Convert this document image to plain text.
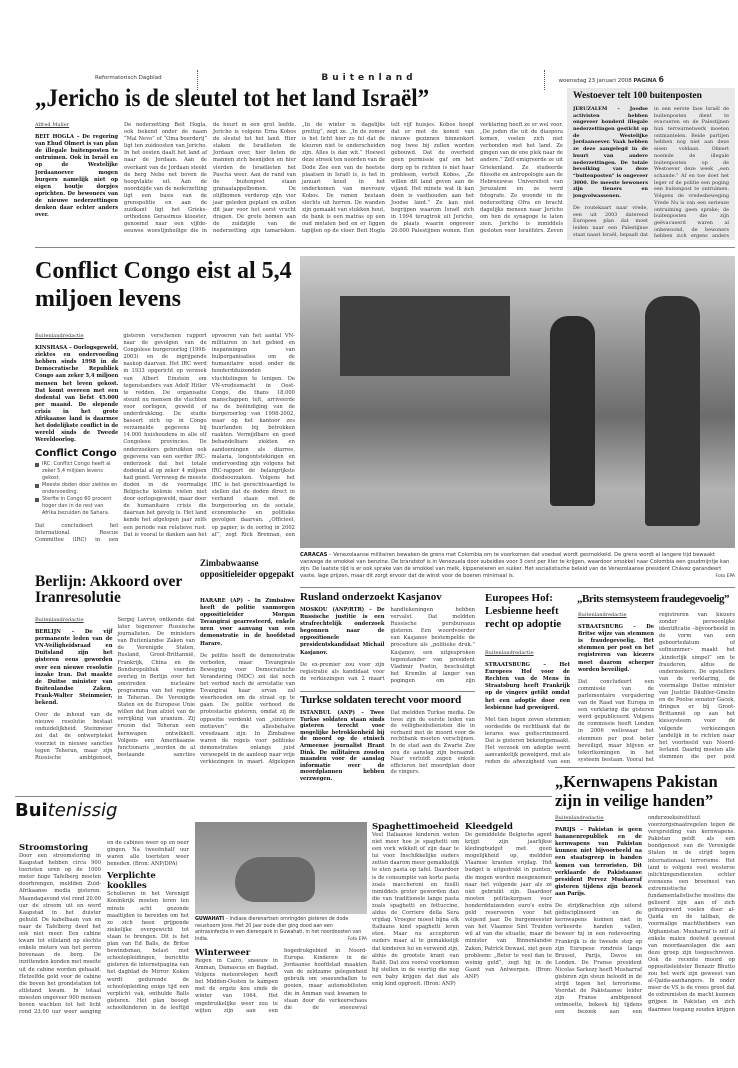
Reformatorisch Dagblad	Buitenland	woensdag 23 januari 2008 PAGINA 6
„Jericho is de sleutel tot het land Israël”
Alfred Muller

BEIT HOGLA – De regering van Ehud Olmert is van plan de illegale buitenposten te ontruimen. Ook in Israël en op de Westelijke Jordaanoever mogen burgers namelijk niet op eigen houtje dorpjes oprichten. De bewoners van de nieuwe nederzettingen denken daar echter anders over.

De nederzetting Beit Hogla, ook bekend onder de naam “Mal Nevo” of “Oma boerderij” ligt ten zuidoosten van Jericho. In het oosten daalt het land af naar de Jordaan. Aan de overkant van de Jordaan steekt de berg Nebo net boven de hoogvlakte uit. Aan de noordzijde van de nederzetting ligt een basis van de grenspolitie en aan de zuidkant ligt het Grieks-orthodoxe Gerasimus klooster, genoemd naar een vijfde-eeuwse woestijnheilige die in de buurt in een grot leefde. Jericho is volgens Erna Kobos de sleutel tot het land. Hier staken de Israëlieten de Jordaan over, hier lieten de mannen zich besnijden en hier vierden de Israëlieten het Pascha weer. Aan de rand van de buitenpost staan granaatappelbomen. De olijfbomen verderop zijn vier jaar geleden geplant en zullen dit jaar voor het eerst vrucht dragen. De grote bomen aan de zuidzijde van de nederzetting zijn tamarisken. „In de winter is dagelijks prettig”, zegt ze. „In de zomer is het licht hier zo fel dat de kleuren niet te onderscheiden zijn. Alles is dan wit.” Hoewel deze streek ten noorden van de Dode Zee een van de heetste plaatsen in Israël is, is het in januari koud in het onderkomen van mevrouw Kobos. De ramen bestaan slechts uit horren. De wanden zijn gemaakt van stukken hout, de bank is een matras op een oud metalen bed en er liggen tapijten op de vloer. Beit Hogla telt vijf huisjes. Kobos hoopt dat er met de komst van nieuwe gezinnen binnenkort nog twee bij zullen worden gebouwd. Dat de overheid geen permissie gaf om het dorp op te richten is niet haar probleem, vertelt Kobos. „Ze willen dit land geven aan de vijand. Het minste wat ik kan doen is vasthouden aan het Joodse land.” Ze kan niet begrijpen waarom Israël zich in 1994 terugtrok uit Jericho, de plaats waarin ongeveer 20.000 Palestijnen wonen. Een verklaring heeft ze er wel voor. „De joden die uit de diaspora komen, voelen zich niet verbonden met het land. Ze gingen van de ene plek naar de andere.” Zelf emigreerde ze uit Griekenland. Ze studeerde filosofie en antropologie aan de Hebreeuwse Universiteit van Jeruzalem en ze werd fotografe. Ze woonde in de nederzetting Ofra en bracht dagelijks mensen naar Jericho om hen de synagoge te laten zien. Jericho is inmiddels gesloten voor Israëliërs. Zeven

Westoever telt 100 buitenposten

JERUZALEM – Joodse activisten hebben ongeveer honderd illegale nederzettingen gesticht op de Westelijke Jordaanoever. Vaak hebben ze deze aangelegd in de buurt van andere nederzettingen. De totale bevolking van deze “buitenposten” is ongeveer 3000. De meeste bewoners zijn tieners en jongvolwassenen.

De routekaart naar vrede, een uit 2003 daterend Europees plan dat moet leiden naar een Palestijnse staat naast Israël, bepaalt dat in een eerste fase Israël de buitenposten dient te evacueren en de Palestijnen hun terreurnetwerk moeten ontmantelen. Beide partijen hebben nog niet aan deze eisen voldaan. Olmert noemde de illegale buitenposten op de Westoever deze week „een schande.” Af en toe doet het leger of de politie een poging een buitenpost te ontruimen. Volgens de vredesbeweging Vrede Nu is van een serieuze ontruiming geen sprake; de buitenposten die zijn geëvacueerd waren al onbewoond, de bewoners hebben zich ergens anders

Conflict Congo eist al 5,4 miljoen levens
Buitenlandredactie

KINSHASA – Oorlogsgeweld, ziektes en ondervoeding hebben sinds 1998 in de Democratische Republiek Congo aan zeker 5,4 miljoen mensen het leven gekost. Dat komt overeen met een dodental van liefst 45.000 per maand. De slepende crisis in het grote Afrikaanse land is daarmee het dodelijkste conflict in de wereld sinds de Tweede Wereldoorlog.

Conflict Congo
IRC: Conflict Congo heeft al zeker 5,4 miljoen levens gekost.
Meeste doden door ziektes en ondervoeding.
Sterfte in Congo 60 procent hoger dan in de rest van Afrika bezuiden de Sahara.

Dat concludeert het International Rescue Committee (IRC) in een gisteren verschenen rapport naar de gevolgen van de Congolese burgeroorlog (1998-2003) en de ingrijpende naskop daarvan. Het IRC werd in 1933 opgericht op verzoek van Albert Einstein om tegenstanders van Adolf Hitler te redden. De organisatie steunt nu mensen die vluchten voor oorlogen, geweld of onderdrukking. De studie baseert zich op in Congo verzamelde gegevens bij 14.000 huishoudens in alle elf Congolese provincies. De onderzoekers gebruikten ook gegevens van een eerder IRC-onderzoek dat het totale dodental al op zeker 4 miljoen had gezet. Verreweg de meeste doden in de voormalige Belgische kolonie vielen niet door oorlogsgeweld, maar door de humanitaire crisis die daarvan het gevolg is. Het land kende het afgelopen jaar zelfs een periode van relatieve rust. Dat is vooral te danken aan het opvoeren van het aantal VN-militairen in het gebied en inspanningen van hulporganisaties om de humanitaire nood onder de honderdduizenden vluchtelingen te lenigen. De VN-vredesmacht in Oost-Congo, die thans 18.000 manschappen telt, arriveerde na de beëindiging van de burgeroorlog van 1998-2002, waar op het kantoor zes buurlanden bij betrokken raakten. Vermijdbare en goed behandelbare ziekten en aandoeningen als diarree, malaria, longontstekingen en ondervoeding zijn volgens het IRC-rapport de belangrijkste doodsoorzaken. Volgens het IRC is het gerechtvaardigd te stellen dat de doden direct in verband staan met de burgeroorlog en de sociale, economische en politieke gevolgen daarvan. „Officieel, op papier, is de oorlog in 2002 af”, zegt Rick Brennan, een

CARACAS – Venezolaanse militairen bewaken de grens met Colombia om te voorkomen dat voedsel wordt gesmokkeld. De grens wordt al langere tijd bewaakt vanwege de smokkel van benzine. De brandstof is in Venezuela door subsidies voor 3 cent per liter te krijgen, waardoor smokkel naar Colombia een goudmijntje kan zijn. De laatste tijd is er ook sprake van de smokkel van melk, kippeneieren en suiker. Het socialistische beleid van de Venezolaanse president Chávez garandeert vaste, lage prijzen, maar dit zorgt ervoor dat de winst voor de boeren minimaal is.	Foto EPA
Berlijn: Akkoord over Iranresolutie
Buitenlandredactie

BERLIJN – De vijf permanente leden van de VN-Veiligheidsraad en Duitsland zijn het gisteren eens geworden over een nieuwe resolutie inzake Iran. Dat maakte de Duitse minister van Buitenlandse Zaken, Frank-Walter Steinmeier, bekend.

Over de inhoud van de nieuwe resolutie bestaat onduidelijkheid. Steinmeier zei dat de ontwerptekst voorziet in nieuwe sancties tegen Teheran, maar zijn Russische ambtgenoot, Sergej Lavrov, ontkende dat later tegenover Russische journalisten. De ministers van Buitenlandse Zaken van de Verenigde Staten, Rusland, Groot-Brittannië, Frankrijk, China en de Bondsrepubliek voerden overleg in Berlijn over het omstreden nucleaire programma van het regime in Teheran. De Verenigde Staten en de Europese Unie willen dat Iran afziet van de verrijking van uranium. Zij vrezen dat Teheran een kernwapen ontwikkelt. Volgens een Amerikaanse functionaris „worden de al bestaande sancties

Zimbabwaanse oppositieleider opgepakt

HARARE (AP) – In Zimbabwe heeft de politie vanmorgen oppositieleider Morgan Tsvangirai gearresteerd, enkele uren voor aanvang van een demonstratie in de hoofdstad Harare.

De politie heeft de demonstratie verboden, maar Tsvangirais Beweging voor Democratische Verandering (MDC) zei dat noch het verbod noch de arrestatie van Tsvangirai haar ervan zal weerhouden om de straat op te gaan. De politie verbood de protestactie gisteren, omdat zij de oppositie verdenkt van „sinistere motieven” die allesbehalve vreedzaam zijn. In Zimbabwe waren de regels voor politieke demonstraties onlangs juist versoepeld in de aanloop naar vrije verkiezingen in maart. Afgelopen

Rusland onderzoekt Kasjanov

MOSKOU (ANP/RTR) – De Russische justitie is een strafrechtelijk onderzoek begonnen naar de oppositionele presidentskandidaat Michail Kasjanov.

De ex-premier zou voor zijn registratie als kandidaat voor de verkiezingen van 2 maart handtekeningen hebben vervalst. Dat meldden Russische persbureaus gisteren. Een woordvoerder van Kasjanov bestempelde de procedure als „politieke druk.” Kasjanov, een uitgesproken tegenstander van president Vladimir Poetin, beschuldigt het Kremlin al langer van pogingen om zijn

Turkse soldaten terecht voor moord

ISTANBUL (ANP) – Twee Turkse soldaten staan sinds gisteren terecht voor mogelijke betrokkenheid bij de moord op de etnisch Armeense journalist Hrant Dink. De militairen zouden maanden voor de aanslag informatie over de moordplannen hebben verzwegen.

Dat meldden Turkse media. De twee zijn de eerste leden van de veiligheidsdiensten die in verband met de moord voor de rechtbank moeten verschijnen. In de stad aan de Zwarte Zee zou de aanslag zijn beraamd. Naar verluidt zagen enkele officieren het moordplan door de vingers.

Europees Hof: Lesbienne heeft recht op adoptie
Buitenlandredactie

STRAATSBURG – Het Europees Hof voor de Rechten van de Mens in Straatsburg heeft Frankrijk op de vingers getikt omdat het een adoptie door een lesbienne had geweigerd.

Met tien tegen zeven stemmen oordeelde de rechtbank dat de lerares was gediscrimineerd. Dat is gisteren bekendgemaakt. Het verzoek om adoptie werd aanvankelijk geweigerd, met als reden de afwezigheid van een

„Brits stemsysteem fraudegevoelig”
Buitenlandredactie

STRAATSBURG – De Britse wijze van stemmen is fraudegevoelig. Het stemmen per post en het registreren van kiezers moet daarom scherper worden beveiligd.

Dat concludeert een commissie van de parlementaire vergadering van de Raad van Europa in een verklaring die gisteren werd gepubliceerd. Volgens de commissie heeft Londen in 2006 weliswaar het stemmen per post beter beveiligd, maar blijven er tekortkomingen in het systeem bestaan. Vooral het registreren van kiezers zonder persoonlijke identificatie –bijvoorbeeld in de vorm van een geboortedatum of sofinummer– maakt het „kinderlijk simpel” om te frauderen, aldus de onderzoekers. De opstellers van de verklaring, de voormalige Duitse minister van Justitie Däubler-Gmelin en de Poolse senator Gacek, dringen er bij Groot-Brittannië op aan het kiessysteem voor de volgende verkiezingen landelijk in te richten naar het voorbeeld van Noord-Ierland. Daarbij moeten alle stemmen die per post

Buitenissig
Stroomstoring

Door een stroomstoring in Kaapstad hebben circa 900 toeristen uren op de 1000 meter hoge Tafelberg moeten doorbrengen, meldden Zuid-Afrikaanse media gisteren. Maandagavond viel rond 20.00 uur de stroom uit en werd Kaapstad in het duister gehuld. De kabelbaan van en naar de Tafelberg deed het ook niet meer. Een cabine kwam tot stilstand op slechts enkele meters van het perron bovenaan de berg. De inzittenden konden met moeite uit de cabine worden gehaald. Hetzelfde gold voor de cabine die boven het grondstation tot stilstand kwam. In totaal moesten ongeveer 900 mensen boven wachten tot het licht rond 23.00 uur weer aanging en de cabines weer op en neer gingen. Na tweeënhalf uur waren alle toeristen weer beneden. (Bron: ANP/DPA)

Verplichte kooklles

Scholieren in het Verenigd Koninkrijk moeten leren ten minste acht gezonde maaltijden te bereiden om het zo zich heen grijpende ziekelijke overgewicht tot staan te brengen. Dit is het plan van Ed Balls, de Britse bewindsman, belast met schoolopleidingen, berichtte gisteren de internetpagina van het dagblad de Mirror. Koken wordt gedurende de schoolopleiding enige tijd een verplicht vak, onthulde Balls gisteren. Het plan beoogt schoolkinderen in de leeftijd

GUWAHATI – Indiase dierenartsen omringden gisteren de dode neushoorn Jone. Het 20 jaar oude dier ging dood aan een antraxinfectie in een dierenpark in Guwahati, in het noordoosten van India.	Foto EPA
Winterweer

Regen in Cairo, sneeuw in Amman, Damascus en Bagdad. Volgens meteorologen heeft het Midden-Oosten te kampen met de ergste kou sinds de winter van 1964. Het ongebruikelijke weer zou te wijten zijn aan een hogedrukgebied in Noord-Europa. Kinderen in de Jordaanse hoofdstad maakten van de zeldzame gelegenheid gebruik om sneeuwballen te gooien, maar automobilisten die in Amman vast kwamen te staan door de verkeerschaos die de sneeuwval

Spaghettimoeheid

Veel Italiaanse kinderen weten niet meer hoe je spaghetti om een vork wikkelt of zijn daar te lui voor. Inschikkelijke ouders zetten daarom meer gemakkelijk te eten pasta op tafel. Daardoor is de consumptie van korte pasta zoals maccheroni en fusilli inmiddels groter geworden dan die van traditionele lange pasta zoals spaghetti en fettuccine, aldus de Corriere della Sera vrijdag. Vroeger moest bijna elk Italiaans kind spaghetti leren eten. Maar nu accepteren ouders maar al te gemakkelijk dat kinderen lui en verwend zijn, aldus de grootste krant van Italië. Dat zou vooral voorkomen bij stellen in de veertig die nog een baby krijgen dat dan als enig kind opgroeit. (Bron: ANP)

Kleedgeld

De gemiddelde Belgische agent krijgt zijn jaarlijkse kledingbudget met geen mogelijkheid op, meldden Vlaamse kranten vrijdag. Het budget is uitgedrukt in punten, die mogen worden meegenomen naar het volgende jaar als ze niet gebruikt zijn. Daardoor moeten politiekorpsen voor honderdduizenden euro's extra geld reserveren voor het volgend jaar. De burgemeester van het Vlaamse Sint Truiden wil af van die situatie, maar de minister van Binnenlandse Zaken, Patrick Dewael, ziet geen probleem: „Beter te veel dan te weinig geld”, zegt hij in de Gazet van Antwerpen. (Bron: ANP)

„Kernwapens Pakistan zijn in veilige handen”
Buitenlandredactie

PARIJS – Pakistan is geen bananenrepubliek en de kernwapens van Pakistan kunnen niet bijvoorbeeld na een staatsgreep in handen komen van terroristen. Dit verklaarde de Pakistaanse president Pervez Musharraf gisteren tijdens zijn bezoek aan Parijs.

De strijdkrachten zijn uiterst gedisciplineerd en de kernwapens kunnen niet in verkeerde handen vallen, beweer hij in een redevoering. Frankrijk is de tweede stop op zijn Europese rondreis langs Brussel, Parijs, Davos en Londen. De Franse president Nicolas Sarkozy heeft Musharraf gisteren zijn steun beloofd in de strijd tegen het terrorisme. Voordat de Pakistaanse leider zijn Franse ambtgenoot ontmoette, bekeek hij tijdens een bezoek aan een onderzoeksinstituut voorzorgsmaatregelen tegen de verspreiding van kernwapens. Pakistan geldt als een bondgenoot van de Verenigde Staten in de strijd tegen internationaal terrorisme. Het land is volgens veel westerse inlichtingendiensten echter eveneens een broeinest van extremistische fundamentalistische moslims die gelieerd zijn aan of zich geïnspireerd voelen door al-Qaida en de taliban, de voormalige machthebbers van Afghanistan. Musharraf is zelf al enkele malen doelwit geweest van moordaanslagen die aan deze groep zijn toegeschreven. Ook de recente moord op oppositieleidster Benazir Bhutto zou het werk zijn geweest van al-Qaida-aanhangers. In onder meer de VS is de vrees groot dat de extremisten de macht kunnen grijpen in Pakistan en zich daarmee toegang zouden krijgen
